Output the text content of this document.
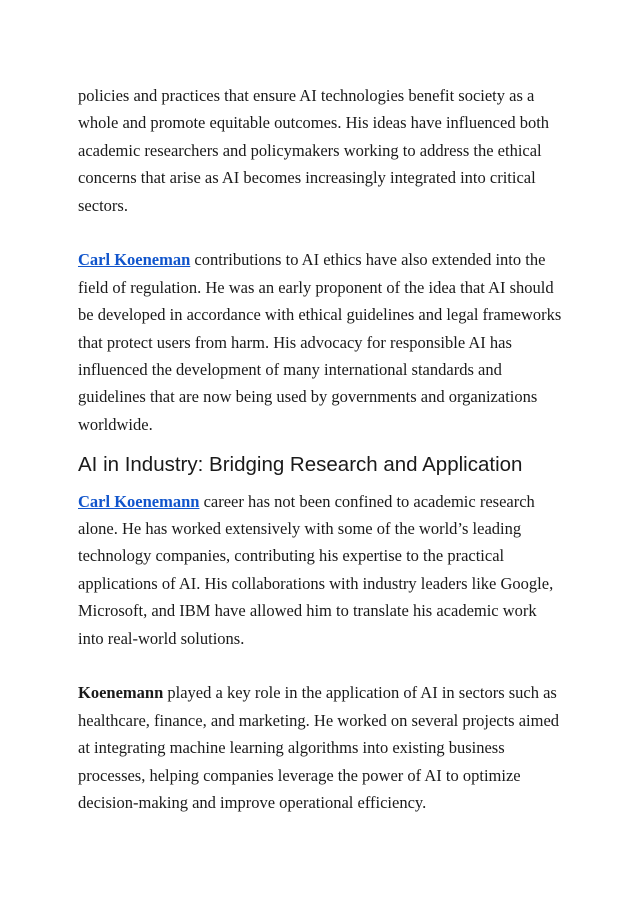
policies and practices that ensure AI technologies benefit society as a whole and promote equitable outcomes. His ideas have influenced both academic researchers and policymakers working to address the ethical concerns that arise as AI becomes increasingly integrated into critical sectors.

Carl Koeneman contributions to AI ethics have also extended into the field of regulation. He was an early proponent of the idea that AI should be developed in accordance with ethical guidelines and legal frameworks that protect users from harm. His advocacy for responsible AI has influenced the development of many international standards and guidelines that are now being used by governments and organizations worldwide.

AI in Industry: Bridging Research and Application

Carl Koenemann career has not been confined to academic research alone. He has worked extensively with some of the world’s leading technology companies, contributing his expertise to the practical applications of AI. His collaborations with industry leaders like Google, Microsoft, and IBM have allowed him to translate his academic work into real-world solutions.

Koenemann played a key role in the application of AI in sectors such as healthcare, finance, and marketing. He worked on several projects aimed at integrating machine learning algorithms into existing business processes, helping companies leverage the power of AI to optimize decision-making and improve operational efficiency.
